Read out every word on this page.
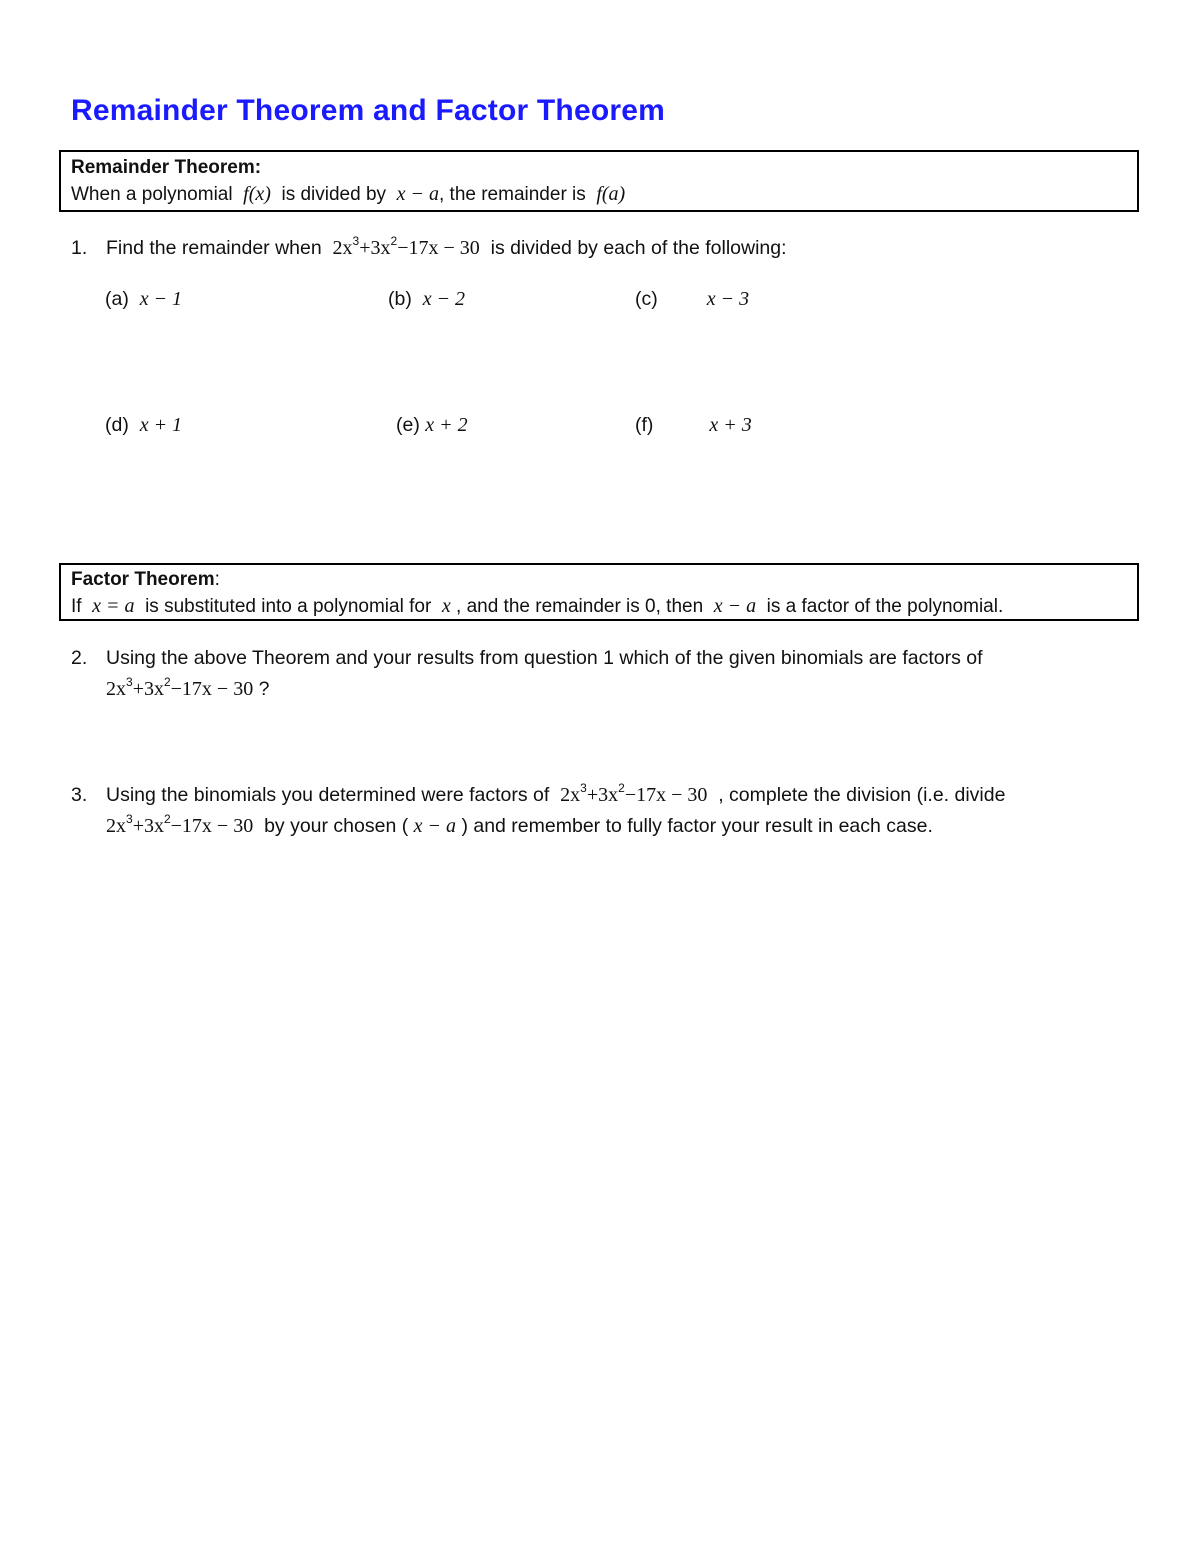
Remainder Theorem and Factor Theorem
Remainder Theorem:
When a polynomial f(x) is divided by x − a, the remainder is f(a)
1. Find the remainder when $2x^3+3x^2-17x - 30$ is divided by each of the following:
(a) x − 1	(b) x − 2	(c) x − 3
(d) x + 1	(e) x + 2	(f)	x + 3
Factor Theorem:
If x = a is substituted into a polynomial for x , and the remainder is 0, then x − a is a factor of the polynomial.
2. Using the above Theorem and your results from question 1 which of the given binomials are factors of
$2x^3+3x^2-17x - 30$ ?
3. Using the binomials you determined were factors of $2x^3+3x^2-17x - 30$ , complete the division (i.e. divide
$2x^3+3x^2-17x - 30$ by your chosen ( x − a ) and remember to fully factor your result in each case.
